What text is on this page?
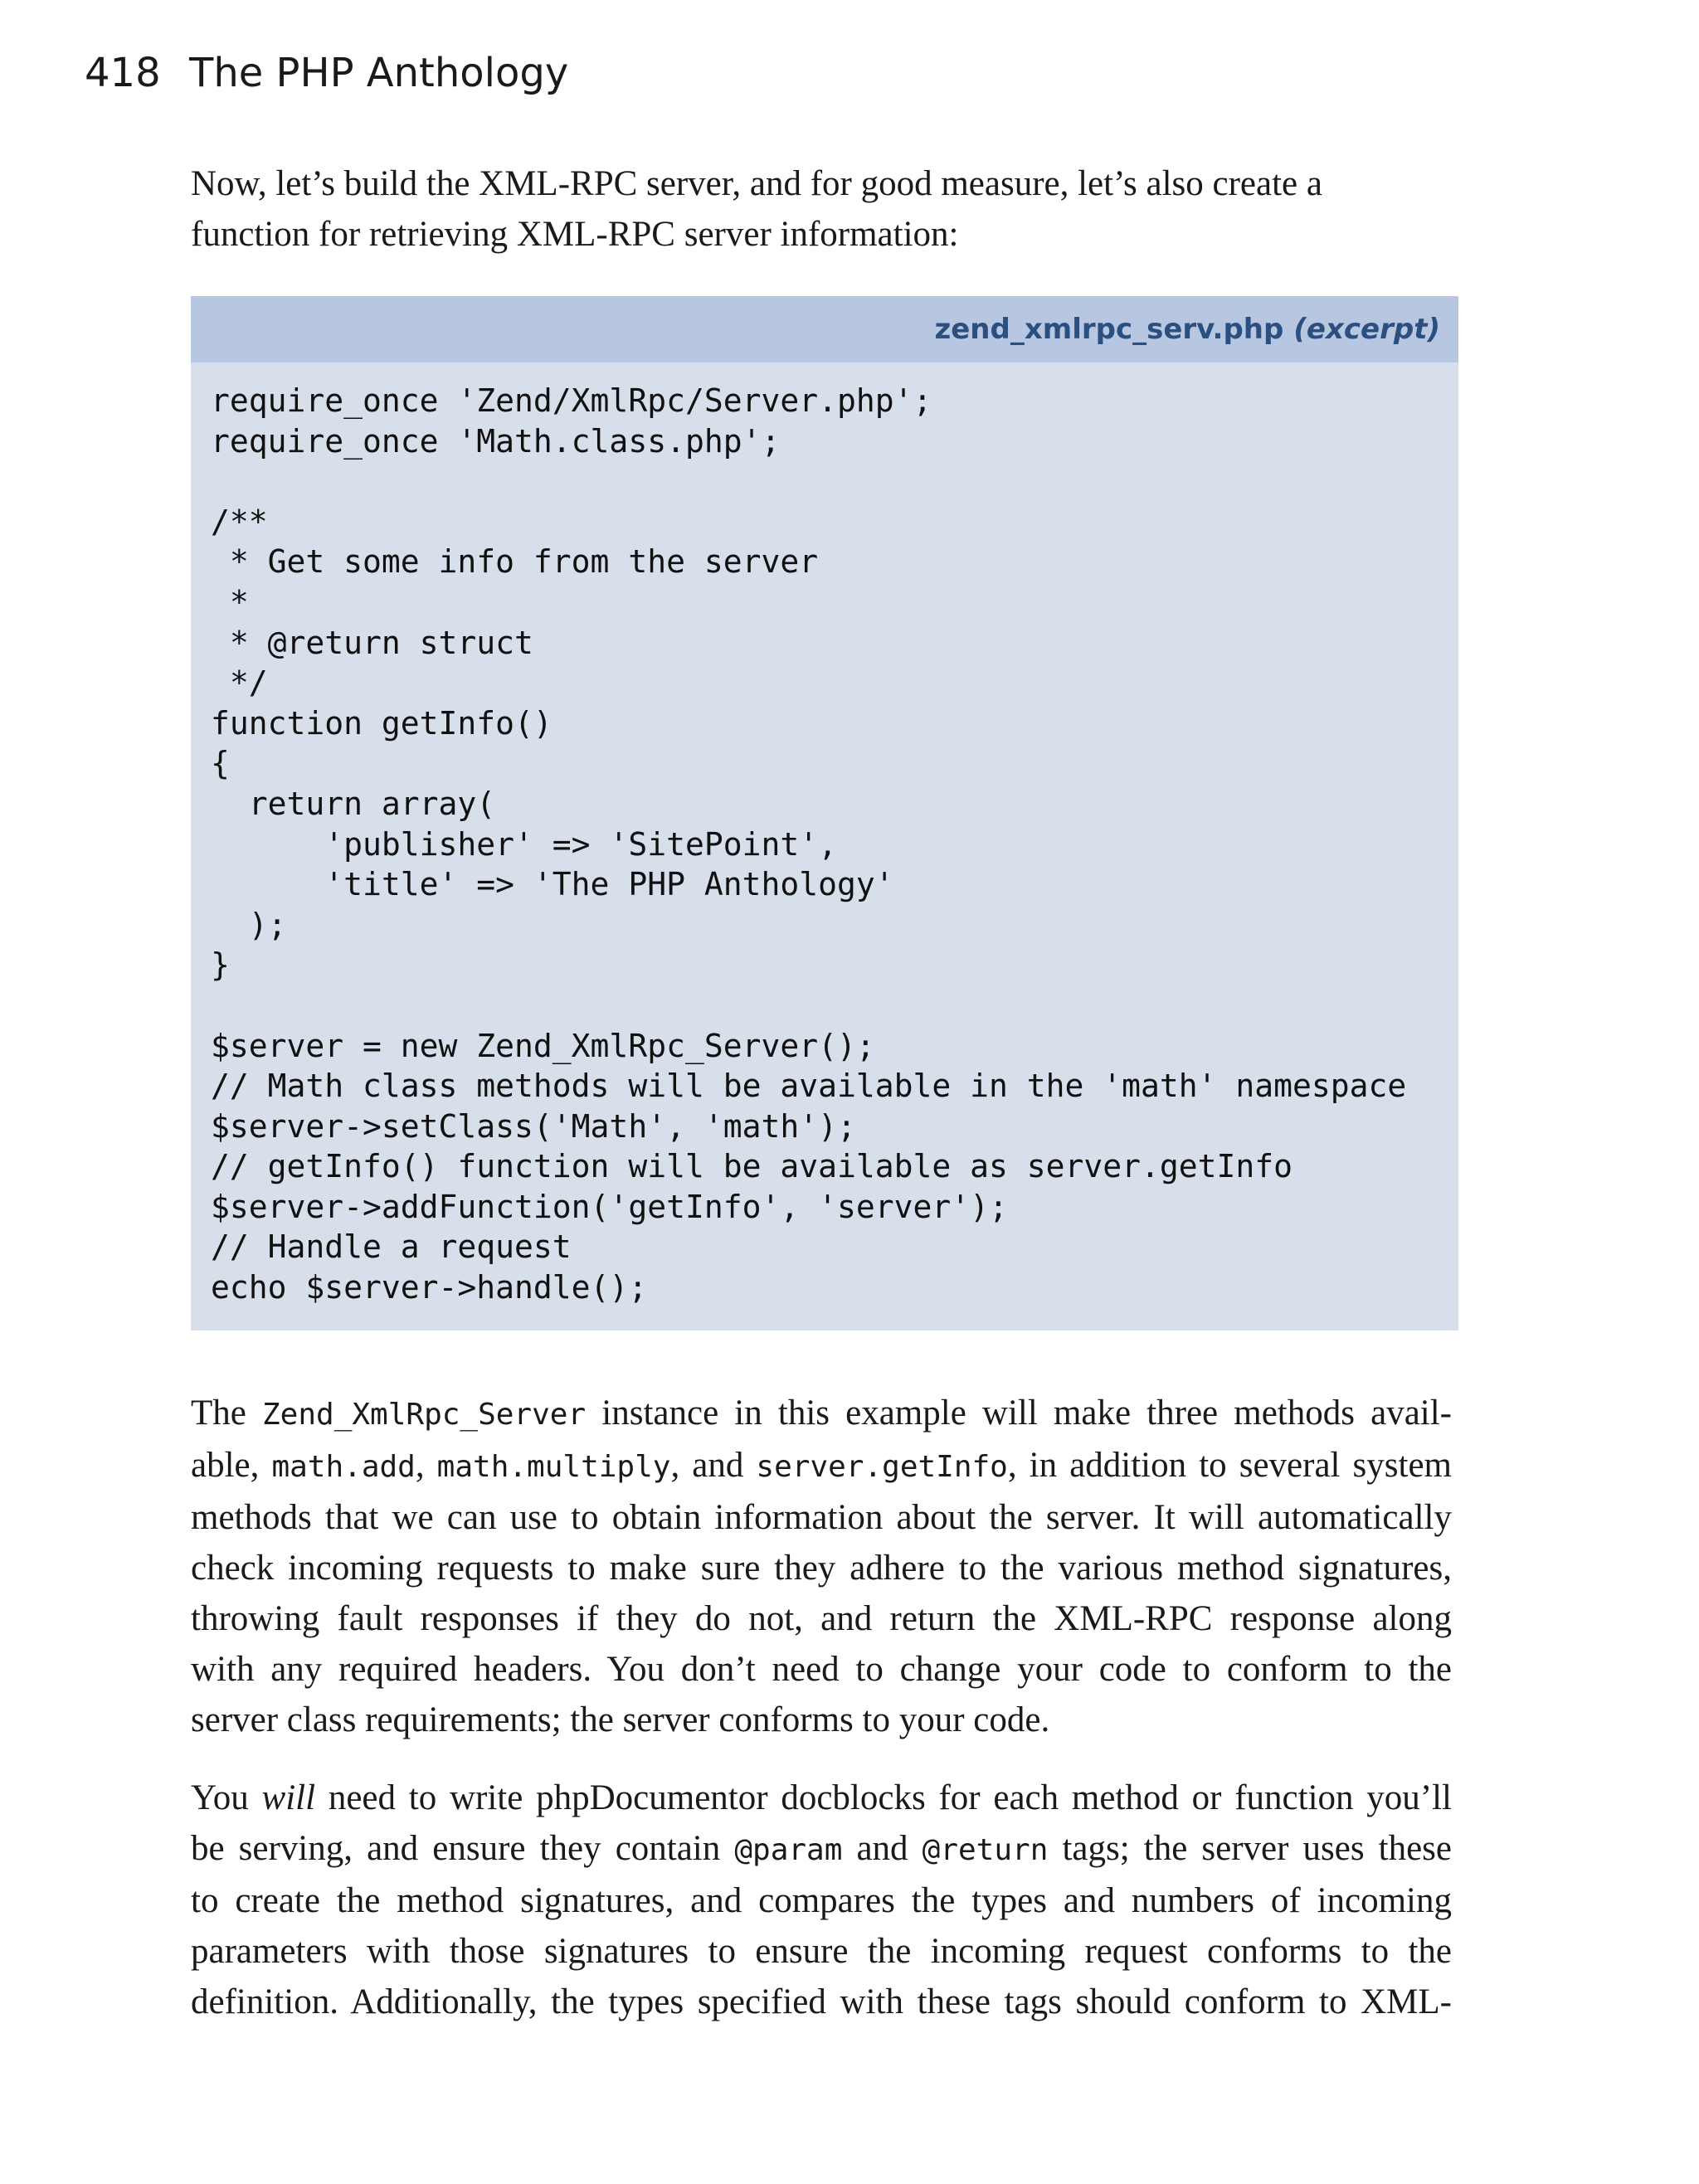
418 The PHP Anthology
Now, let’s build the XML-RPC server, and for good measure, let’s also create a
function for retrieving XML-RPC server information:
zend_xmlrpc_serv.php (excerpt)
require_once 'Zend/XmlRpc/Server.php';
require_once 'Math.class.php';
/**
* Get some info from the server
*
* @return struct
*/
function getInfo()
{
return array(
'publisher' => 'SitePoint',
'title' => 'The PHP Anthology'
);
}
$server = new Zend_XmlRpc_Server();
// Math class methods will be available in the 'math' namespace
$server->setClass('Math', 'math');
// getInfo() function will be available as server.getInfo
$server->addFunction('getInfo', 'server');
// Handle a request
echo $server->handle();
The Zend_XmlRpc_Server instance in this example will make three methods avail-
able, math.add, math.multiply, and server.getInfo, in addition to several system
methods that we can use to obtain information about the server. It will automatically
check incoming requests to make sure they adhere to the various method signatures,
throwing fault responses if they do not, and return the XML-RPC response along
with any required headers. You don’t need to change your code to conform to the
server class requirements; the server conforms to your code.
You will need to write phpDocumentor docblocks for each method or function you’ll
be serving, and ensure they contain @param and @return tags; the server uses these
to create the method signatures, and compares the types and numbers of incoming
parameters with those signatures to ensure the incoming request conforms to the
definition. Additionally, the types specified with these tags should conform to XML-
